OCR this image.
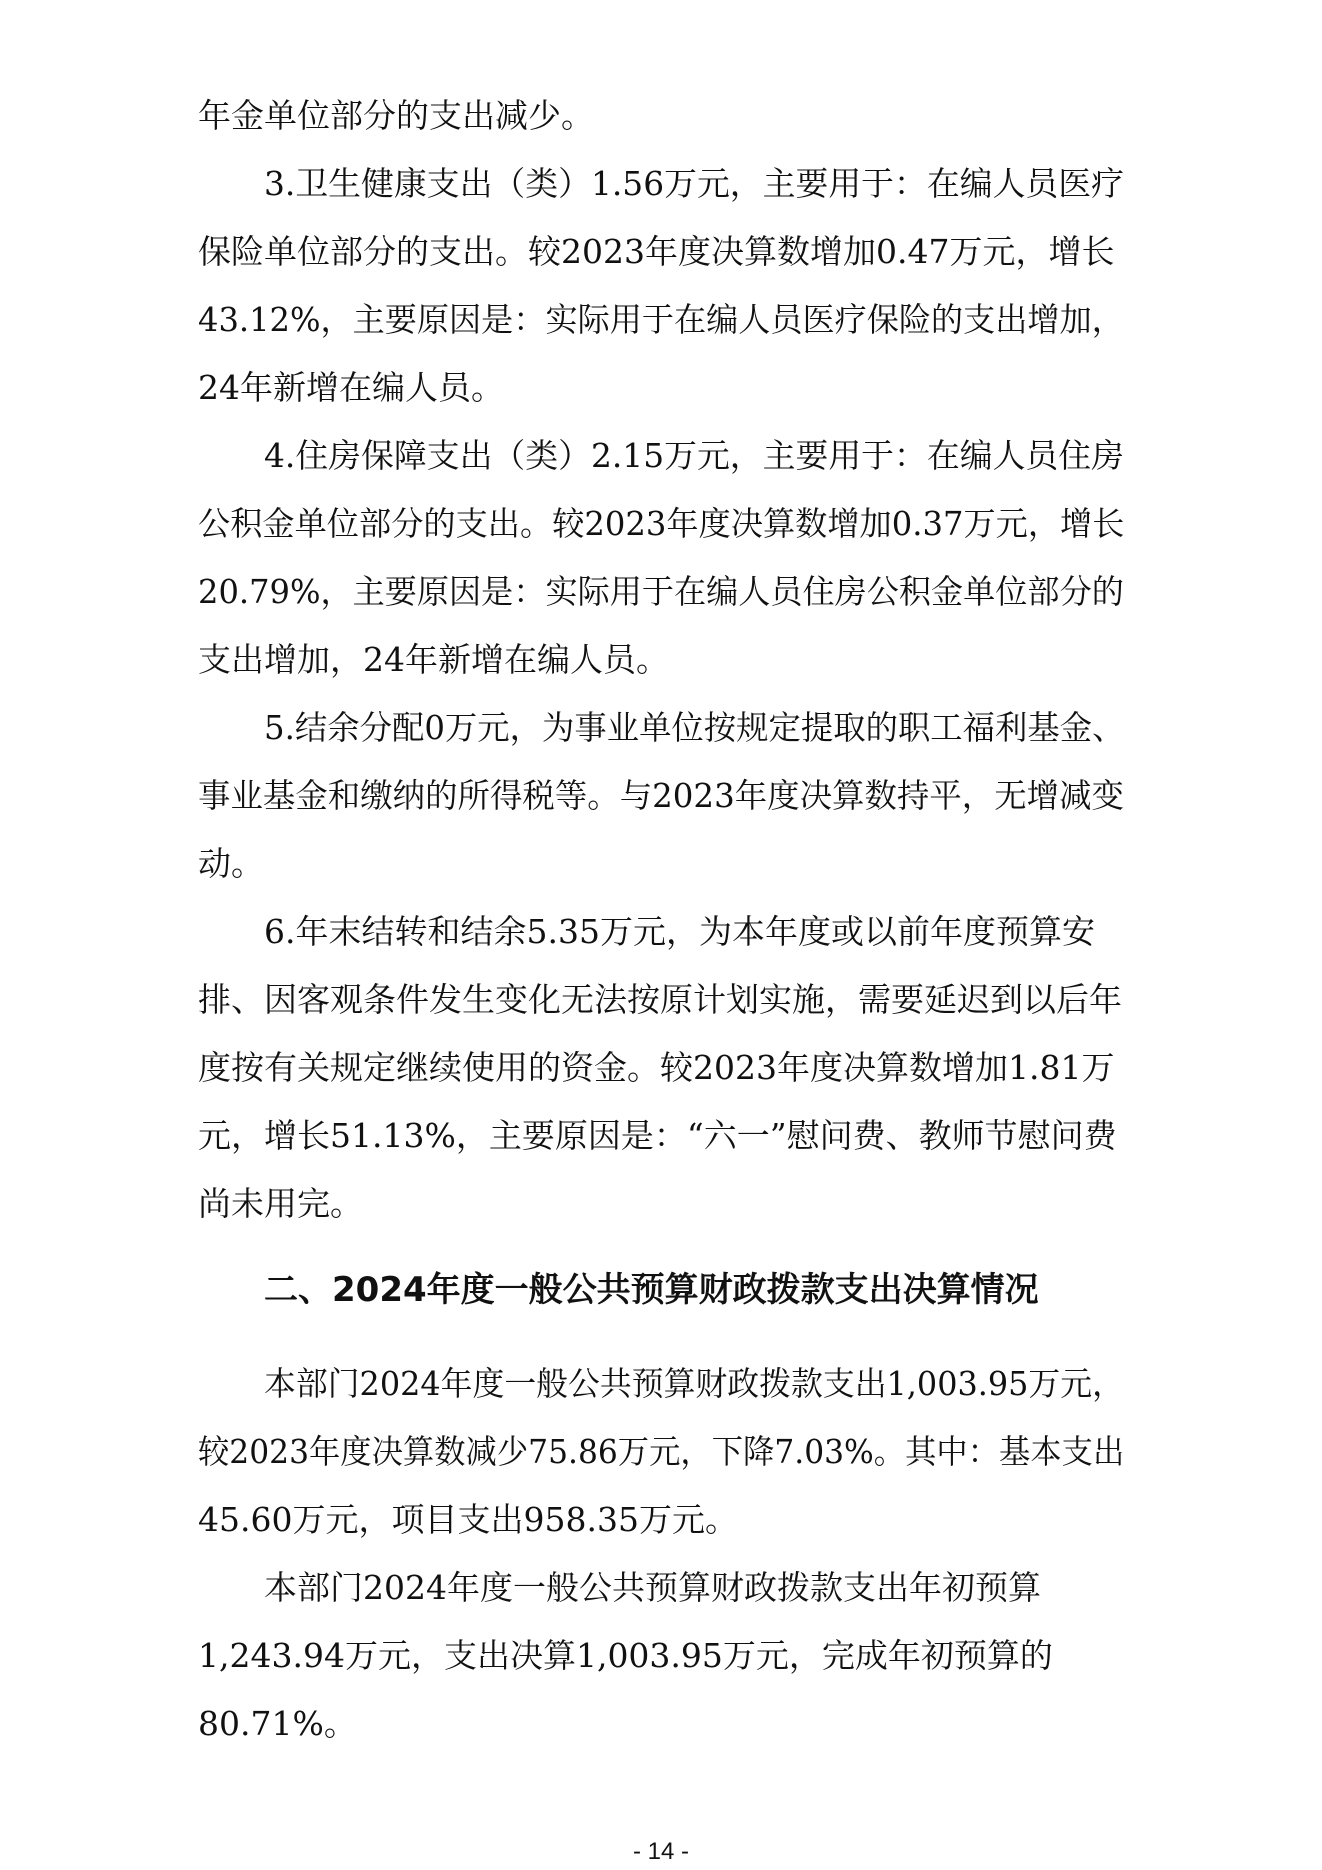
年金单位部分的支出减少。
3.卫生健康支出（类）1.56万元，主要用于：在编人员医疗
保险单位部分的支出。较2023年度决算数增加0.47万元，增长
43.12%，主要原因是：实际用于在编人员医疗保险的支出增加，
24年新增在编人员。
4.住房保障支出（类）2.15万元，主要用于：在编人员住房
公积金单位部分的支出。较2023年度决算数增加0.37万元，增长
20.79%，主要原因是：实际用于在编人员住房公积金单位部分的
支出增加，24年新增在编人员。
5.结余分配0万元，为事业单位按规定提取的职工福利基金、
事业基金和缴纳的所得税等。与2023年度决算数持平，无增减变
动。
6.年末结转和结余5.35万元，为本年度或以前年度预算安
排、因客观条件发生变化无法按原计划实施，需要延迟到以后年
度按有关规定继续使用的资金。较2023年度决算数增加1.81万
元，增长51.13%，主要原因是：“六一”慰问费、教师节慰问费
尚未用完。
二、2024年度一般公共预算财政拨款支出决算情况
本部门2024年度一般公共预算财政拨款支出1,003.95万元，
较2023年度决算数减少75.86万元，下降7.03%。其中：基本支出
45.60万元，项目支出958.35万元。
本部门2024年度一般公共预算财政拨款支出年初预算
1,243.94万元，支出决算1,003.95万元，完成年初预算的
80.71%。
- 14 -
